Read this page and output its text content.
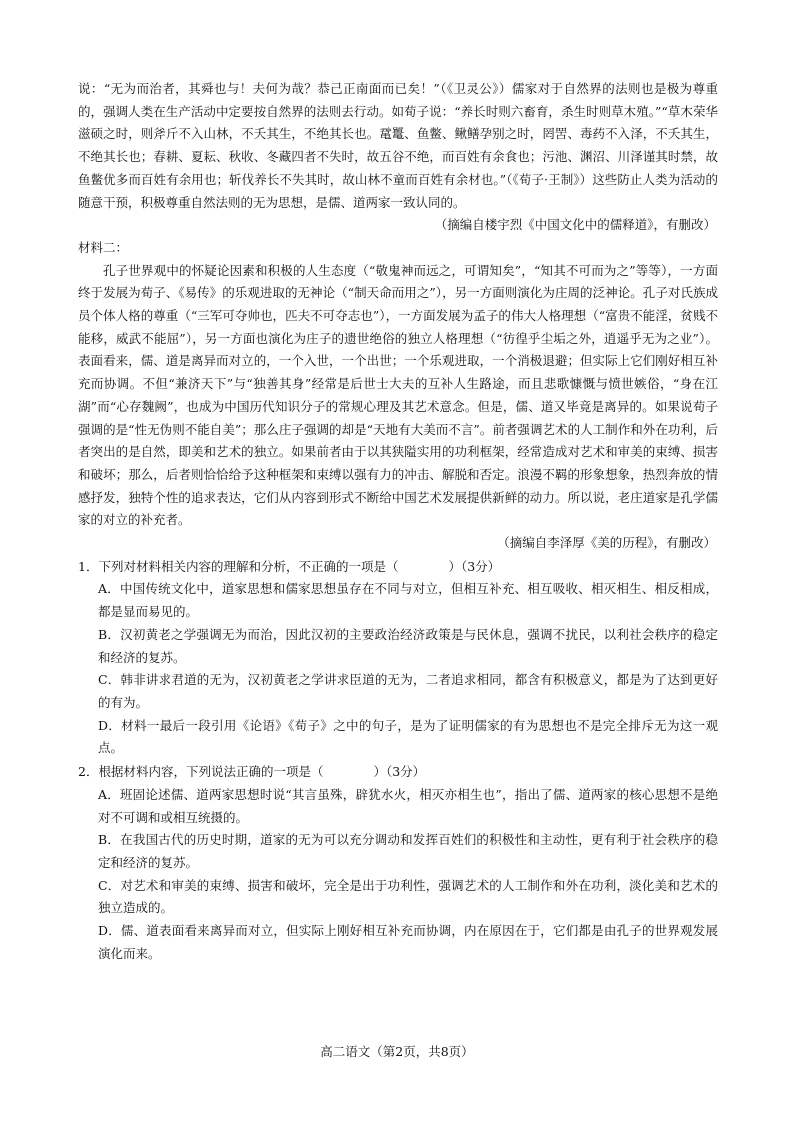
说：“无为而治者，其舜也与！夫何为哉？恭己正南面而已矣！”（《卫灵公》）儒家对于自然界的法则也是极为尊重的，强调人类在生产活动中定要按自然界的法则去行动。如荀子说：“养长时则六畜育，杀生时则草木殖。”“草木荣华滋硕之时，则斧斤不入山林，不夭其生，不绝其长也。鼋鼍、鱼鳖、鳅鳝孕别之时，罔罟、毒药不入泽，不夭其生，不绝其长也；春耕、夏耘、秋收、冬藏四者不失时，故五谷不绝，而百姓有余食也；污池、渊沼、川泽谨其时禁，故鱼鳖优多而百姓有余用也；斩伐养长不失其时，故山林不童而百姓有余材也。”（《荀子·王制》）这些防止人类为活动的随意干预，积极尊重自然法则的无为思想，是儒、道两家一致认同的。

（摘编自楼宇烈《中国文化中的儒释道》，有删改）

材料二：

孔子世界观中的怀疑论因素和积极的人生态度（“敬鬼神而远之，可谓知矣”，“知其不可而为之”等等），一方面终于发展为荀子、《易传》的乐观进取的无神论（“制天命而用之”），另一方面则演化为庄周的泛神论。孔子对氏族成员个体人格的尊重（“三军可夺帅也，匹夫不可夺志也”），一方面发展为孟子的伟大人格理想（“富贵不能淫，贫贱不能移，威武不能屈”），另一方面也演化为庄子的遗世绝俗的独立人格理想（“彷徨乎尘垢之外，逍遥乎无为之业”）。表面看来，儒、道是离异而对立的，一个入世，一个出世；一个乐观进取，一个消极退避；但实际上它们刚好相互补充而协调。不但“兼济天下”与“独善其身”经常是后世士大夫的互补人生路途，而且悲歌慷慨与愤世嫉俗，“身在江湖”而“心存魏阙”，也成为中国历代知识分子的常规心理及其艺术意念。但是，儒、道又毕竟是离异的。如果说荀子强调的是“性无伪则不能自美”；那么庄子强调的却是“天地有大美而不言”。前者强调艺术的人工制作和外在功利，后者突出的是自然，即美和艺术的独立。如果前者由于以其狭隘实用的功利框架，经常造成对艺术和审美的束缚、损害和破坏；那么，后者则恰恰给予这种框架和束缚以强有力的冲击、解脱和否定。浪漫不羁的形象想象，热烈奔放的情感抒发，独特个性的追求表达，它们从内容到形式不断给中国艺术发展提供新鲜的动力。所以说，老庄道家是孔学儒家的对立的补充者。

（摘编自李泽厚《美的历程》，有删改）

1．下列对材料相关内容的理解和分析，不正确的一项是（　　　　）（3分）

A．中国传统文化中，道家思想和儒家思想虽存在不同与对立，但相互补充、相互吸收、相灭相生、相反相成，都是显而易见的。

B．汉初黄老之学强调无为而治，因此汉初的主要政治经济政策是与民休息，强调不扰民，以利社会秩序的稳定和经济的复苏。

C．韩非讲求君道的无为，汉初黄老之学讲求臣道的无为，二者追求相同，都含有积极意义，都是为了达到更好的有为。

D．材料一最后一段引用《论语》《荀子》之中的句子，是为了证明儒家的有为思想也不是完全排斥无为这一观点。

2．根据材料内容，下列说法正确的一项是（　　　　）（3分）

A．班固论述儒、道两家思想时说“其言虽殊，辟犹水火，相灭亦相生也”，指出了儒、道两家的核心思想不是绝对不可调和或相互统摄的。

B．在我国古代的历史时期，道家的无为可以充分调动和发挥百姓们的积极性和主动性，更有利于社会秩序的稳定和经济的复苏。

C．对艺术和审美的束缚、损害和破坏，完全是出于功利性，强调艺术的人工制作和外在功利，淡化美和艺术的独立造成的。

D．儒、道表面看来离异而对立，但实际上刚好相互补充而协调，内在原因在于，它们都是由孔子的世界观发展演化而来。

高二语文（第2页，共8页）
